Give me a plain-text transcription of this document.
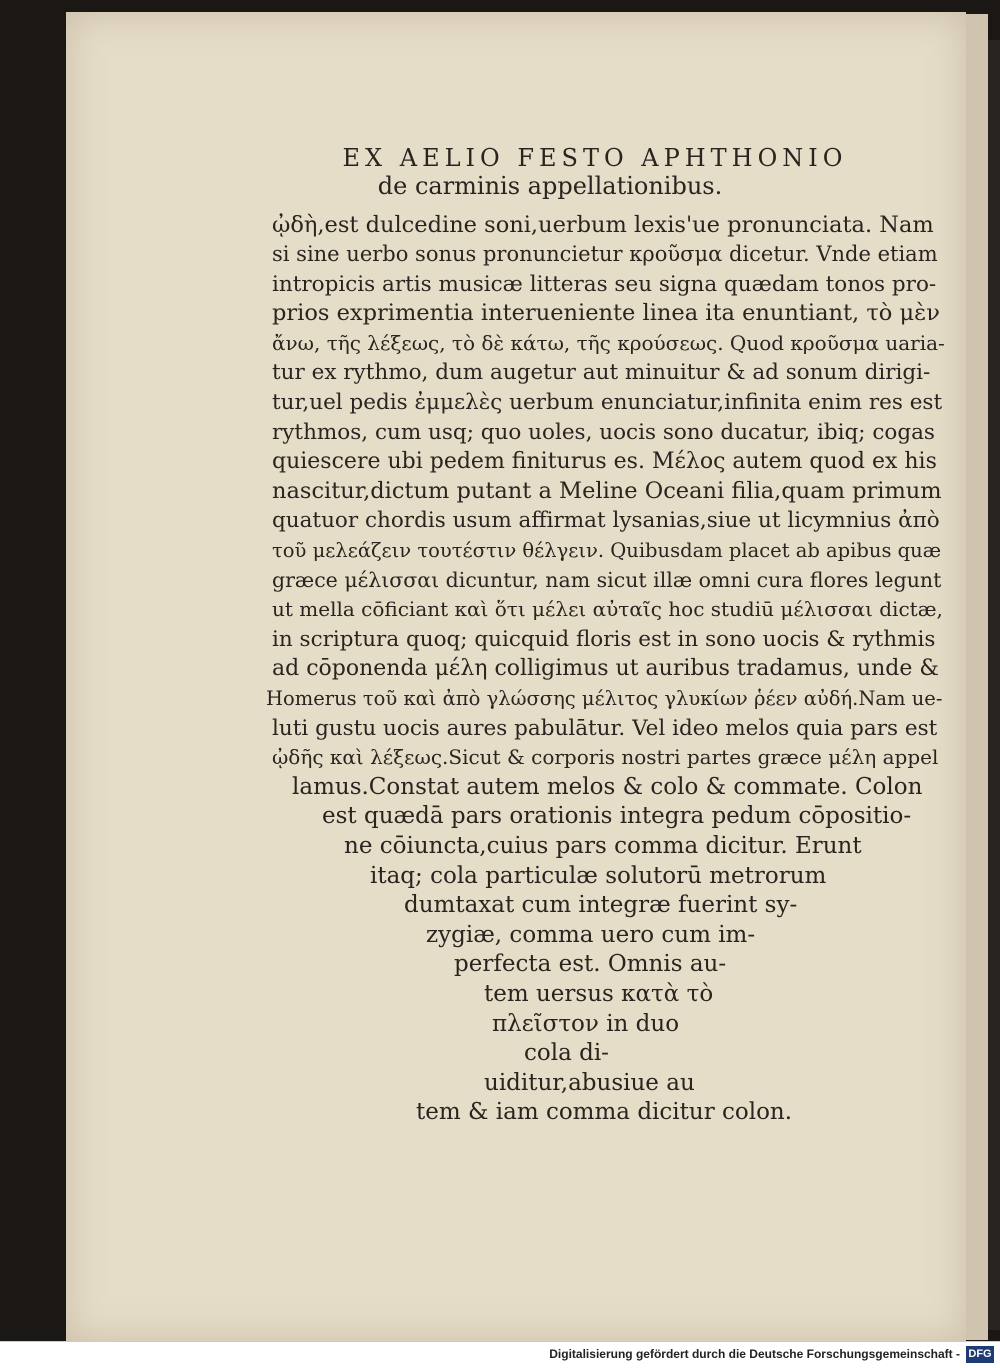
EX AELIO FESTO APHTHONIO
de carminis appellationibus.
ᾠδὴ,est dulcedine soni,uerbum lexis'ue pronunciata. Nam
si sine uerbo sonus pronuncietur κροῦσμα dicetur. Vnde etiam
intropicis artis musicæ litteras seu signa quædam tonos pro-
prios exprimentia interueniente linea ita enuntiant, τὸ μὲν
ἄνω, τῆς λέξεως, τὸ δὲ κάτω, τῆς κρούσεως. Quod κροῦσμα uaria-
tur ex rythmo, dum augetur aut minuitur & ad sonum dirigi-
tur,uel pedis ἐμμελὲς uerbum enunciatur,infinita enim res est
rythmos, cum usq; quo uoles, uocis sono ducatur, ibiq; cogas
quiescere ubi pedem finiturus es. Μέλος autem quod ex his
nascitur,dictum putant a Meline Oceani filia,quam primum
quatuor chordis usum affirmat lysanias,siue ut licymnius ἀπὸ
τοῦ μελεάζειν τουτέστιν θέλγειν. Quibusdam placet ab apibus quæ
græce μέλισσαι dicuntur, nam sicut illæ omni cura flores legunt
ut mella cōficiant καὶ ὅτι μέλει αὐταῖς hoc studiū μέλισσαι dictæ,
in scriptura quoq; quicquid floris est in sono uocis & rythmis
ad cōponenda μέλη colligimus ut auribus tradamus, unde &
Homerus τοῦ καὶ ἀπὸ γλώσσης μέλιτος γλυκίων ῥέεν αὐδή.Nam ue-
luti gustu uocis aures pabulātur. Vel ideo melos quia pars est
ᾠδῆς καὶ λέξεως.Sicut & corporis nostri partes græce μέλη appel
lamus.Constat autem melos & colo & commate. Colon
est quædā pars orationis integra pedum cōpositio-
ne cōiuncta,cuius pars comma dicitur. Erunt
itaq; cola particulæ solutorū metrorum
dumtaxat cum integræ fuerint sy-
zygiæ, comma uero cum im-
perfecta est. Omnis au-
tem uersus κατὰ τὸ
πλεῖστον in duo
cola di-
uiditur,abusiue au
tem & iam comma dicitur colon.
Digitalisierung gefördert durch die Deutsche Forschungsgemeinschaft - DFG
